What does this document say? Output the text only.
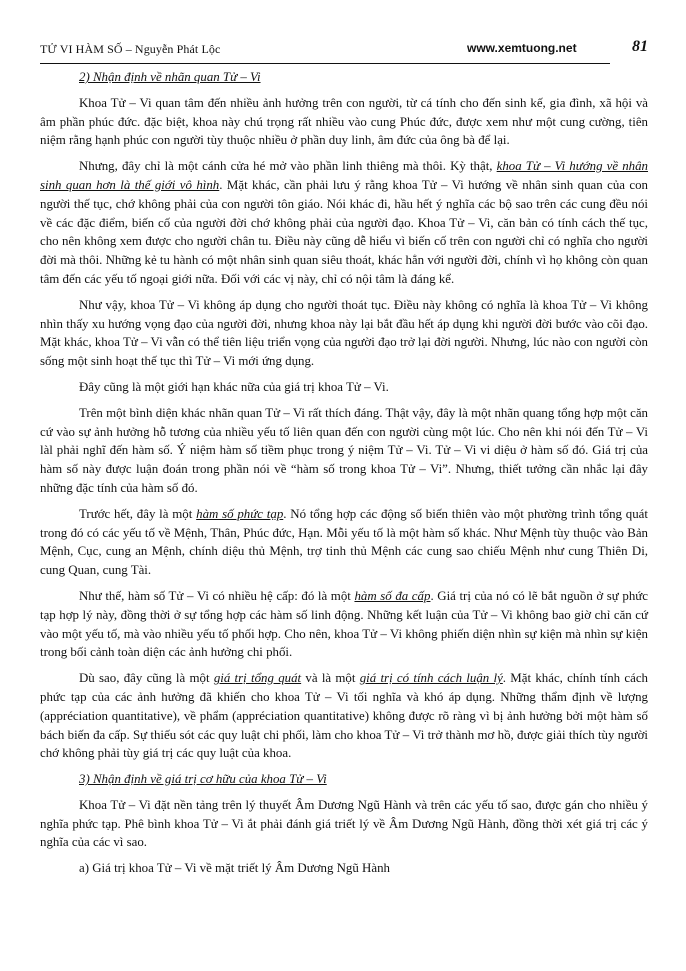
TỬ VI HÀM SỐ – Nguyễn Phát Lộc	www.xemtuong.net	81

2) Nhận định về nhãn quan Tử – Vi

Khoa Tử – Vi quan tâm đến nhiều ảnh hưởng trên con người, từ cá tính cho đến sinh kế, gia đình, xã hội và âm phần phúc đức. đặc biệt, khoa này chú trọng rất nhiều vào cung Phúc đức, được xem như một cung cường, tiên niệm rằng hạnh phúc con người tùy thuộc nhiều ở phần duy linh, âm đức của ông bà để lại.

Nhưng, đây chỉ là một cánh cửa hé mở vào phần linh thiêng mà thôi. Kỳ thật, khoa Tử – Vi hướng về nhân sinh quan hơn là thế giới vô hình. Mặt khác, cần phải lưu ý rằng khoa Tử – Vi hướng về nhân sinh quan của con người thế tục, chớ không phải của con người tôn giáo. Nói khác đi, hầu hết ý nghĩa các bộ sao trên các cung đều nói về các đặc điểm, biến cố của người đời chớ không phải của người đạo. Khoa Tử – Vi, căn bản có tính cách thế tục, cho nên không xem được cho người chân tu. Điều này cũng dễ hiểu vì biến cố trên con người chỉ có nghĩa cho người đời mà thôi. Những kẻ tu hành có một nhân sinh quan siêu thoát, khác hẳn với người đời, chính vì họ không còn quan tâm đến các yếu tố ngoại giới nữa. Đối với các vị này, chỉ có nội tâm là đáng kể.

Như vậy, khoa Tử – Vi không áp dụng cho người thoát tục. Điều này không có nghĩa là khoa Tử – Vi không nhìn thấy xu hướng vọng đạo của người đời, nhưng khoa này lại bắt đầu hết áp dụng khi người đời bước vào cõi đạo. Mặt khác, khoa Tử – Vi vẫn có thể tiên liệu triển vọng của người đạo trở lại đời người. Nhưng, lúc nào con người còn sống một sinh hoạt thế tục thì Tử – Vi mới ứng dụng.

Đây cũng là một giới hạn khác nữa của giá trị khoa Tử – Vi.

Trên một bình diện khác nhãn quan Tử – Vi rất thích đáng. Thật vậy, đây là một nhãn quang tổng hợp một căn cứ vào sự ảnh hưởng hỗ tương của nhiều yếu tố liên quan đến con người cùng một lúc. Cho nên khi nói đến Tử – Vi làl phải nghĩ đến hàm số. Ý niệm hàm số tiềm phục trong ý niệm Tử – Vi. Tử – Vi vi diệu ở hàm số đó. Giá trị của hàm số này được luận đoán trong phần nói về “hàm số trong khoa Tử – Vi”. Nhưng, thiết tưởng cần nhắc lại đây những đặc tính của hàm số đó.

Trước hết, đây là một hàm số phức tạp. Nó tổng hợp các động số biến thiên vào một phường trình tổng quát trong đó có các yếu tố về Mệnh, Thân, Phúc đức, Hạn. Mỗi yếu tố là một hàm số khác. Như Mệnh tùy thuộc vào Bản Mệnh, Cục, cung an Mệnh, chính diệu thủ Mệnh, trợ tinh thủ Mệnh các cung sao chiếu Mệnh như cung Thiên Di, cung Quan, cung Tài.

Như thế, hàm số Tử – Vi có nhiều hệ cấp: đó là một hàm số đa cấp. Giá trị của nó có lẽ bắt nguồn ở sự phức tạp hợp lý này, đồng thời ở sự tổng hợp các hàm số linh động. Những kết luận của Tử – Vi không bao giờ chỉ căn cứ vào một yếu tố, mà vào nhiều yếu tố phối hợp. Cho nên, khoa Tử – Vi không phiến diện nhìn sự kiện mà nhìn sự kiện trong bối cảnh toàn diện các ảnh hưởng chi phối.

Dù sao, đây cũng là một giá trị tổng quát và là một giá trị có tính cách luận lý. Mặt khác, chính tính cách phức tạp của các ảnh hưởng đã khiến cho khoa Tử – Vi tối nghĩa và khó áp dụng. Những thẩm định về lượng (appréciation quantitative), về phẩm (appréciation quantitative) không được rõ ràng vì bị ảnh hưởng bởi một hàm số bách biến đa cấp. Sự thiếu sót các quy luật chi phối, làm cho khoa Tử – Vi trở thành mơ hồ, được giải thích tùy người chớ không phải tùy giá trị các quy luật của khoa.

3) Nhận định về giá trị cơ hữu của khoa Tử – Vi

Khoa Tử – Vi đặt nền tảng trên lý thuyết Âm Dương Ngũ Hành và trên các yếu tố sao, được gán cho nhiều ý nghĩa phức tạp. Phê bình khoa Tử – Vi ắt phải đánh giá triết lý về Âm Dương Ngũ Hành, đồng thời xét giá trị các ý nghĩa của các vì sao.

a) Giá trị khoa Tử – Vi về mặt triết lý Âm Dương Ngũ Hành
